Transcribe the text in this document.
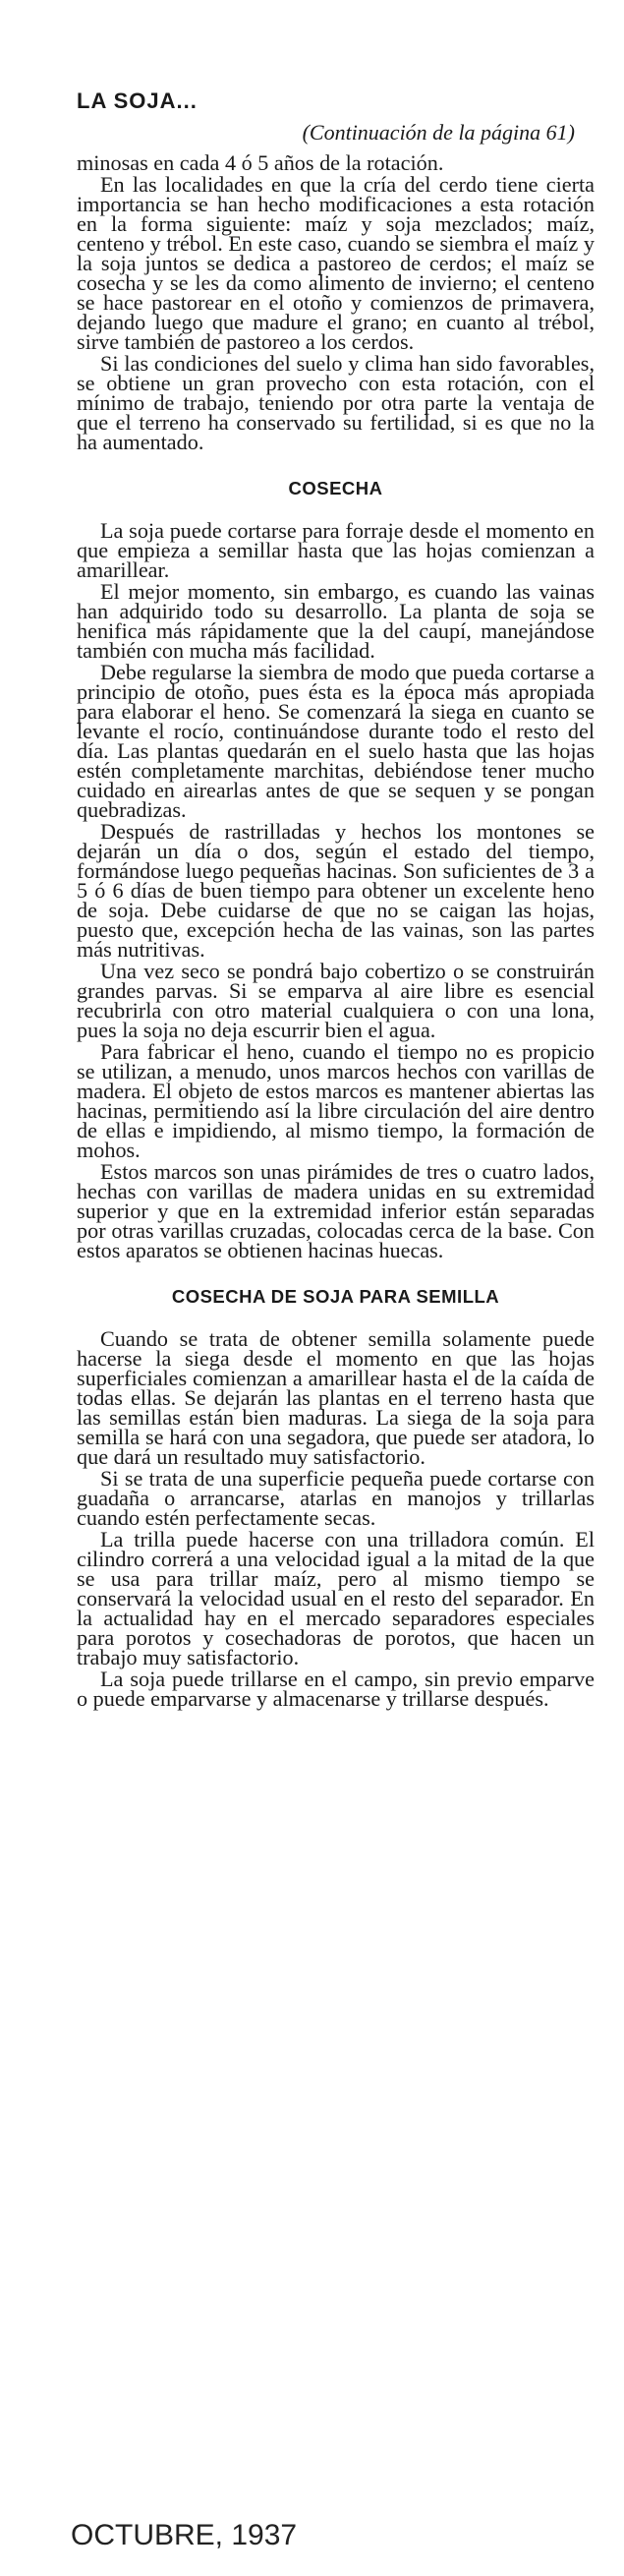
LA SOJA...
(Continuación de la página 61)

minosas en cada 4 ó 5 años de la rotación.

En las localidades en que la cría del cerdo tiene cierta importancia se han hecho modificaciones a esta rotación en la forma siguiente: maíz y soja mezclados; maíz, centeno y trébol. En este caso, cuando se siembra el maíz y la soja juntos se dedica a pastoreo de cerdos; el maíz se cosecha y se les da como alimento de invierno; el centeno se hace pastorear en el otoño y comienzos de primavera, dejando luego que madure el grano; en cuanto al trébol, sirve también de pastoreo a los cerdos.

Si las condiciones del suelo y clima han sido favorables, se obtiene un gran provecho con esta rotación, con el mínimo de trabajo, teniendo por otra parte la ventaja de que el terreno ha conservado su fertilidad, si es que no la ha aumentado.

COSECHA

La soja puede cortarse para forraje desde el momento en que empieza a semillar hasta que las hojas comienzan a amarillear.

El mejor momento, sin embargo, es cuando las vainas han adquirido todo su desarrollo. La planta de soja se henifica más rápidamente que la del caupí, manejándose también con mucha más facilidad.

Debe regularse la siembra de modo que pueda cortarse a principio de otoño, pues ésta es la época más apropiada para elaborar el heno. Se comenzará la siega en cuanto se levante el rocío, continuándose durante todo el resto del día. Las plantas quedarán en el suelo hasta que las hojas estén completamente marchitas, debiéndose tener mucho cuidado en airearlas antes de que se sequen y se pongan quebradizas.

Después de rastrilladas y hechos los montones se dejarán un día o dos, según el estado del tiempo, formándose luego pequeñas hacinas. Son suficientes de 3 a 5 ó 6 días de buen tiempo para obtener un excelente heno de soja. Debe cuidarse de que no se caigan las hojas, puesto que, excepción hecha de las vainas, son las partes más nutritivas.

Una vez seco se pondrá bajo cobertizo o se construirán grandes parvas. Si se emparva al aire libre es esencial recubrirla con otro material cualquiera o con una lona, pues la soja no deja escurrir bien el agua.

Para fabricar el heno, cuando el tiempo no es propicio se utilizan, a menudo, unos marcos hechos con varillas de madera. El objeto de estos marcos es mantener abiertas las hacinas, permitiendo así la libre circulación del aire dentro de ellas e impidiendo, al mismo tiempo, la formación de mohos.

Estos marcos son unas pirámides de tres o cuatro lados, hechas con varillas de madera unidas en su extremidad superior y que en la extremidad inferior están separadas por otras varillas cruzadas, colocadas cerca de la base. Con estos aparatos se obtienen hacinas huecas.

COSECHA DE SOJA PARA SEMILLA

Cuando se trata de obtener semilla solamente puede hacerse la siega desde el momento en que las hojas superficiales comienzan a amarillear hasta el de la caída de todas ellas. Se dejarán las plantas en el terreno hasta que las semillas están bien maduras. La siega de la soja para semilla se hará con una segadora, que puede ser atadora, lo que dará un resultado muy satisfactorio.

Si se trata de una superficie pequeña puede cortarse con guadaña o arrancarse, atarlas en manojos y trillarlas cuando estén perfectamente secas.

La trilla puede hacerse con una trilladora común. El cilindro correrá a una velocidad igual a la mitad de la que se usa para trillar maíz, pero al mismo tiempo se conservará la velocidad usual en el resto del separador. En la actualidad hay en el mercado separadores especiales para porotos y cosechadoras de porotos, que hacen un trabajo muy satisfactorio.

La soja puede trillarse en el campo, sin previo emparve o puede emparvarse y almacenarse y trillarse después.

OCTUBRE, 1937
